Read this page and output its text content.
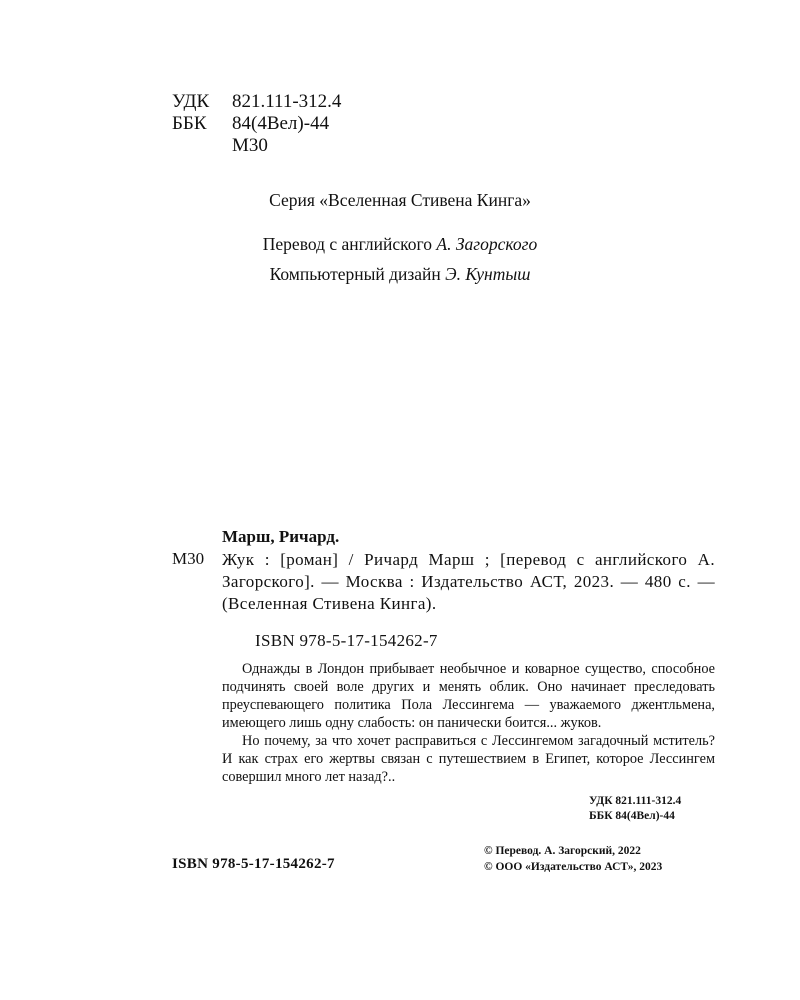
УДК	821.111-312.4
ББК	84(4Вел)-44
М30
Серия «Вселенная Стивена Кинга»
Перевод с английского А. Загорского
Компьютерный дизайн Э. Кунтыш
Марш, Ричард.
М30 Жук : [роман] / Ричард Марш ; [перевод с английского А. Загорского]. — Москва : Издательство АСТ, 2023. — 480 с. — (Вселенная Стивена Кинга).
ISBN 978-5-17-154262-7

Однажды в Лондон прибывает необычное и коварное существо, способное подчинять своей воле других и менять облик. Оно начинает преследовать преуспевающего политика Пола Лессингема — уважаемого джентльмена, имеющего лишь одну слабость: он панически боится... жуков.

Но почему, за что хочет расправиться с Лессингемом загадочный мститель? И как страх его жертвы связан с путешествием в Египет, которое Лессингем совершил много лет назад?..

УДК 821.111-312.4
ББК 84(4Вел)-44
ISBN 978-5-17-154262-7
© Перевод. А. Загорский, 2022
© ООО «Издательство АСТ», 2023
